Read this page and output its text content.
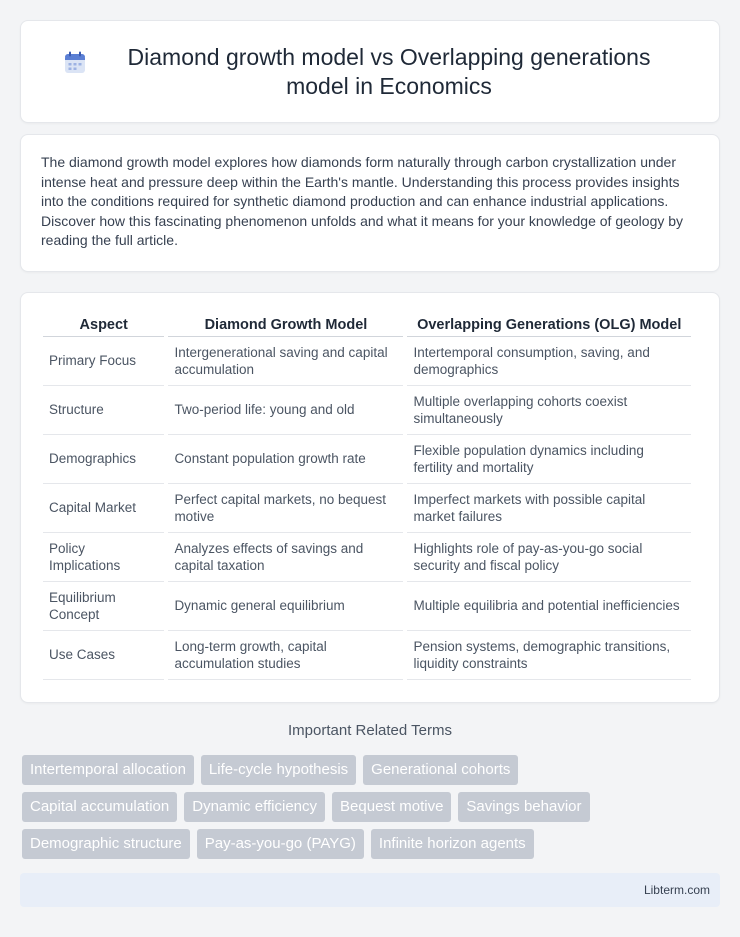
Diamond growth model vs Overlapping generations model in Economics

The diamond growth model explores how diamonds form naturally through carbon crystallization under intense heat and pressure deep within the Earth's mantle. Understanding this process provides insights into the conditions required for synthetic diamond production and can enhance industrial applications. Discover how this fascinating phenomenon unfolds and what it means for your knowledge of geology by reading the full article.

Aspect	Diamond Growth Model	Overlapping Generations (OLG) Model
Primary Focus	Intergenerational saving and capital accumulation	Intertemporal consumption, saving, and demographics
Structure	Two-period life: young and old	Multiple overlapping cohorts coexist simultaneously
Demographics	Constant population growth rate	Flexible population dynamics including fertility and mortality
Capital Market	Perfect capital markets, no bequest motive	Imperfect markets with possible capital market failures
Policy Implications	Analyzes effects of savings and capital taxation	Highlights role of pay-as-you-go social security and fiscal policy
Equilibrium Concept	Dynamic general equilibrium	Multiple equilibria and potential inefficiencies
Use Cases	Long-term growth, capital accumulation studies	Pension systems, demographic transitions, liquidity constraints
Important Related Terms
Intertemporal allocation	Life-cycle hypothesis	Generational cohorts
Capital accumulation	Dynamic efficiency	Bequest motive	Savings behavior
Demographic structure	Pay-as-you-go (PAYG)	Infinite horizon agents
Libterm.com
